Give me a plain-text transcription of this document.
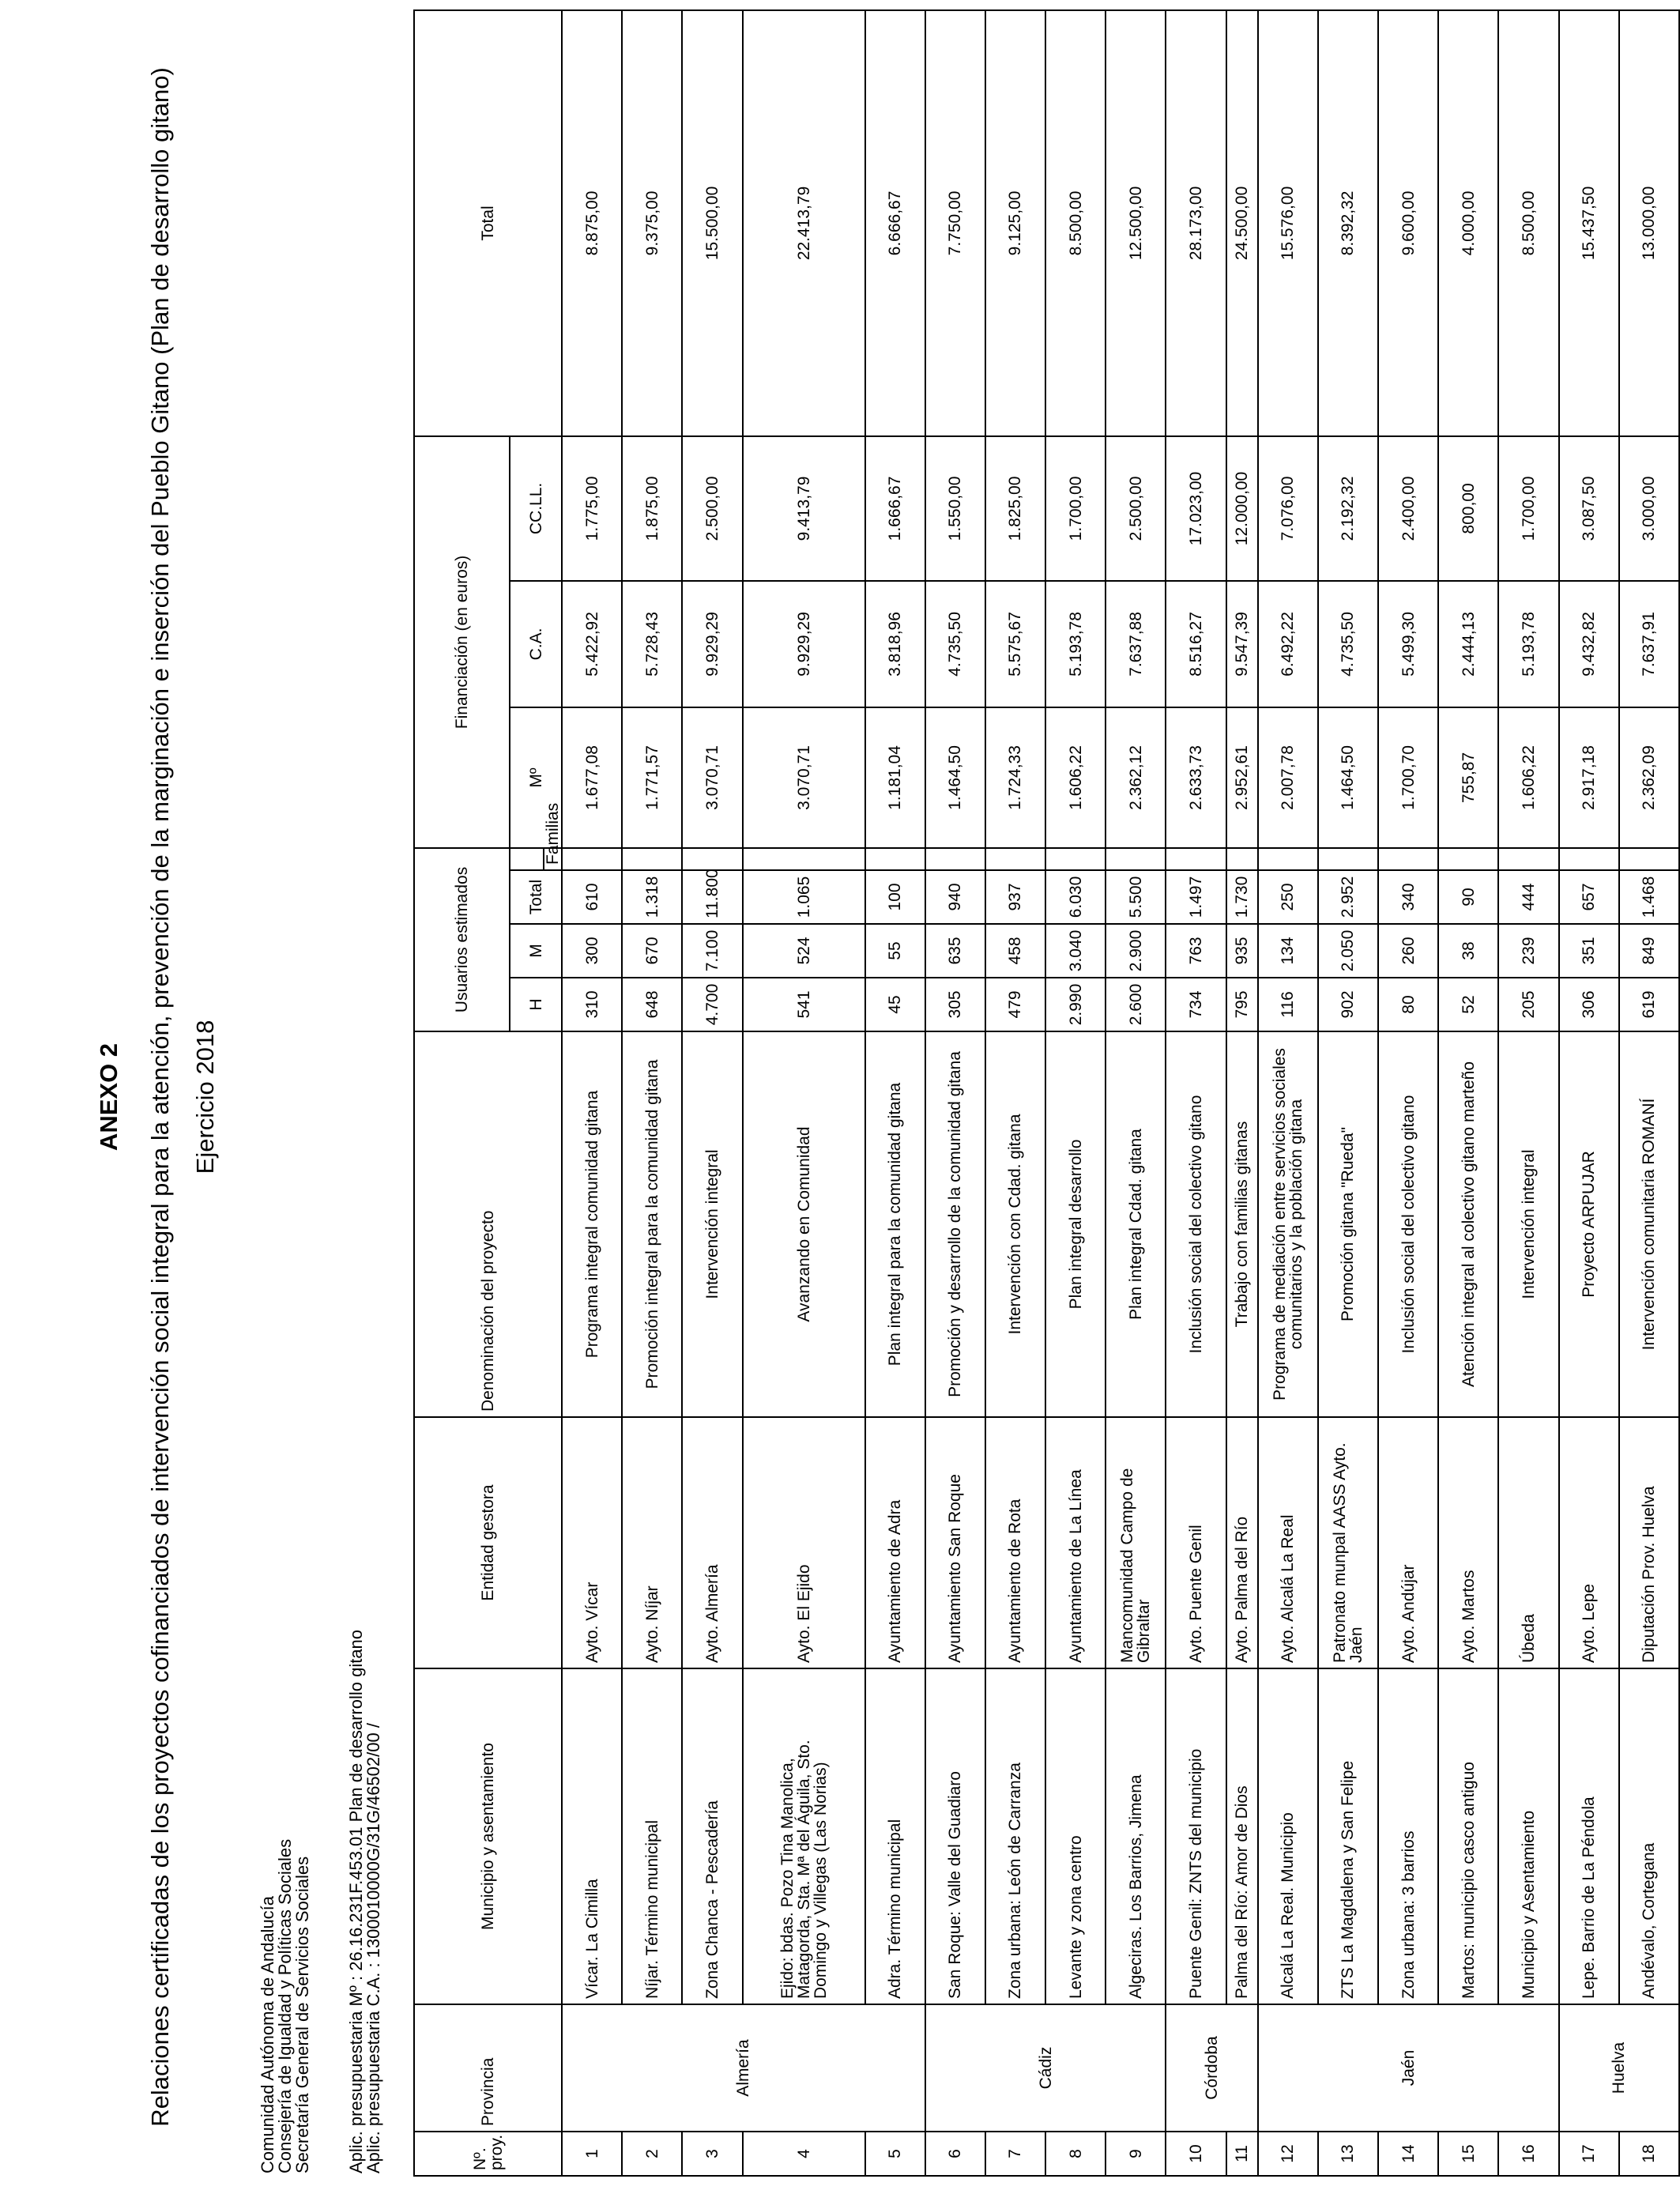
ANEXO 2 Relaciones certificadas de los proyectos cofinanciados de intervención social integral para la atención, prevención de la marginación e inserción del Pueblo Gitano (Plan de desarrollo gitano) Ejercicio 2018
Comunidad Autónoma de Andalucía
Consejería de Igualdad y Políticas Sociales
Secretaría General de Servicios Sociales Aplic. presupuestaria Mº : 26.16.231F.453.01 Plan de desarrollo gitano
Aplic. presupuestaria C.A. : 1300010000G/31G/46502/00 /	Nº. proy.	Provincia	Municipio y asentamiento	Entidad gestora	Denominación del proyecto	Usuarios estimados				Financiación (en euros)			Total
					H	M	Total		Mº	C.A.	CC.LL.	
								Familias				
1	Almería	Vícar. La Cimilla	Ayto. Vícar	Programa integral comunidad gitana	310	300	610		1.677,08	5.422,92	1.775,00	8.875,00
2		Níjar. Término municipal	Ayto. Níjar	Promoción integral para la comunidad gitana	648	670	1.318		1.771,57	5.728,43	1.875,00	9.375,00
3		Zona Chanca - Pescadería	Ayto. Almería	Intervención integral	4.700	7.100	11.800		3.070,71	9.929,29	2.500,00	15.500,00
4		Ejido: bdas. Pozo Tina Manolica, Matagorda, Sta. Mª del Águila, Sto. Domingo y Villegas (Las Norias)	Ayto. El Ejido	Avanzando en Comunidad	541	524	1.065		3.070,71	9.929,29	9.413,79	22.413,79
5		Adra. Término municipal	Ayuntamiento de Adra	Plan integral para la comunidad gitana	45	55	100		1.181,04	3.818,96	1.666,67	6.666,67
6	Cádiz	San Roque: Valle del Guadiaro	Ayuntamiento San Roque	Promoción y desarrollo de la comunidad gitana	305	635	940		1.464,50	4.735,50	1.550,00	7.750,00
7		Zona urbana: León de Carranza	Ayuntamiento de Rota	Intervención con Cdad. gitana	479	458	937		1.724,33	5.575,67	1.825,00	9.125,00
8		Levante y zona centro	Ayuntamiento de La Línea	Plan integral desarrollo	2.990	3.040	6.030		1.606,22	5.193,78	1.700,00	8.500,00
9		Algeciras. Los Barrios, Jimena	Mancomunidad Campo de Gibraltar	Plan integral Cdad. gitana	2.600	2.900	5.500		2.362,12	7.637,88	2.500,00	12.500,00
10	Córdoba	Puente Genil: ZNTS del municipio	Ayto. Puente Genil	Inclusión social del colectivo gitano	734	763	1.497		2.633,73	8.516,27	17.023,00	28.173,00
11		Palma del Río: Amor de Dios	Ayto. Palma del Río	Trabajo con familias gitanas	795	935	1.730		2.952,61	9.547,39	12.000,00	24.500,00
12	Jaén	Alcalá La Real. Municipio	Ayto. Alcalá La Real	Programa de mediación entre servicios sociales comunitarios y la población gitana	116	134	250		2.007,78	6.492,22	7.076,00	15.576,00
13		ZTS La Magdalena y San Felipe	Patronato munpal AASS Ayto. Jaén	Promoción gitana "Rueda"	902	2.050	2.952		1.464,50	4.735,50	2.192,32	8.392,32
14		Zona urbana: 3 barrios	Ayto. Andújar	Inclusión social del colectivo gitano	80	260	340		1.700,70	5.499,30	2.400,00	9.600,00
15		Martos: municipio casco antiguo	Ayto. Martos	Atención integral al colectivo gitano marteño	52	38	90		755,87	2.444,13	800,00	4.000,00
16		Municipio y Asentamiento	Úbeda	Intervención integral	205	239	444		1.606,22	5.193,78	1.700,00	8.500,00
17	Huelva	Lepe. Barrio de La Péndola	Ayto. Lepe	Proyecto ARPUJAR	306	351	657		2.917,18	9.432,82	3.087,50	15.437,50
18		Andévalo, Cortegana	Diputación Prov. Huelva	Intervención comunitaria ROMANÍ	619	849	1.468		2.362,09	7.637,91	3.000,00	13.000,00
